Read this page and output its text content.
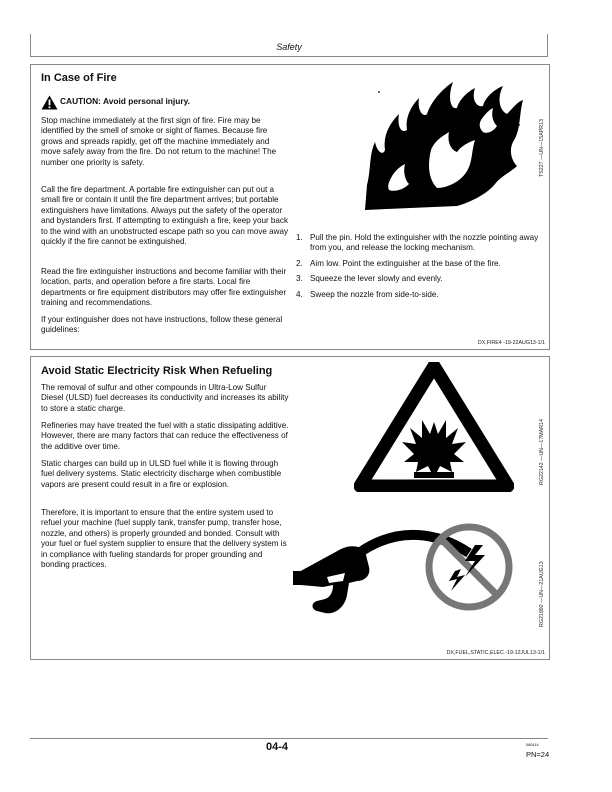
Safety
In Case of Fire
CAUTION: Avoid personal injury.
Stop machine immediately at the first sign of fire. Fire may be identified by the smell of smoke or sight of flames. Because fire grows and spreads rapidly, get off the machine immediately and move safely away from the fire. Do not return to the machine! The number one priority is safety.
Call the fire department. A portable fire extinguisher can put out a small fire or contain it until the fire department arrives; but portable extinguishers have limitations. Always put the safety of the operator and bystanders first. If attempting to extinguish a fire, keep your back to the wind with an unobstructed escape path so you can move away quickly if the fire cannot be extinguished.
Read the fire extinguisher instructions and become familiar with their location, parts, and operation before a fire starts. Local fire departments or fire equipment distributors may offer fire extinguisher training and recommendations.
If your extinguisher does not have instructions, follow these general guidelines:
TS227 —UN—15APR13
1. Pull the pin. Hold the extinguisher with the nozzle pointing away from you, and release the locking mechanism.
2. Aim low. Point the extinguisher at the base of the fire.
3. Squeeze the lever slowly and evenly.
4. Sweep the nozzle from side-to-side.
DX,FIRE4 -19-22AUG13-1/1
Avoid Static Electricity Risk When Refueling
The removal of sulfur and other compounds in Ultra-Low Sulfur Diesel (ULSD) fuel decreases its conductivity and increases its ability to store a static charge.
Refineries may have treated the fuel with a static dissipating additive. However, there are many factors that can reduce the effectiveness of the additive over time.
Static charges can build up in ULSD fuel while it is flowing through fuel delivery systems. Static electricity discharge when combustible vapors are present could result in a fire or explosion.
Therefore, it is important to ensure that the entire system used to refuel your machine (fuel supply tank, transfer pump, transfer hose, nozzle, and others) is properly grounded and bonded. Consult with your fuel or fuel system supplier to ensure that the delivery system is in compliance with fueling standards for proper grounding and bonding practices.
RG22142 —UN—17MAR14
RG21992 —UN—21AUG13
DX,FUEL,STATIC,ELEC -19-12JUL13-1/1
04-4	060414
PN=24
